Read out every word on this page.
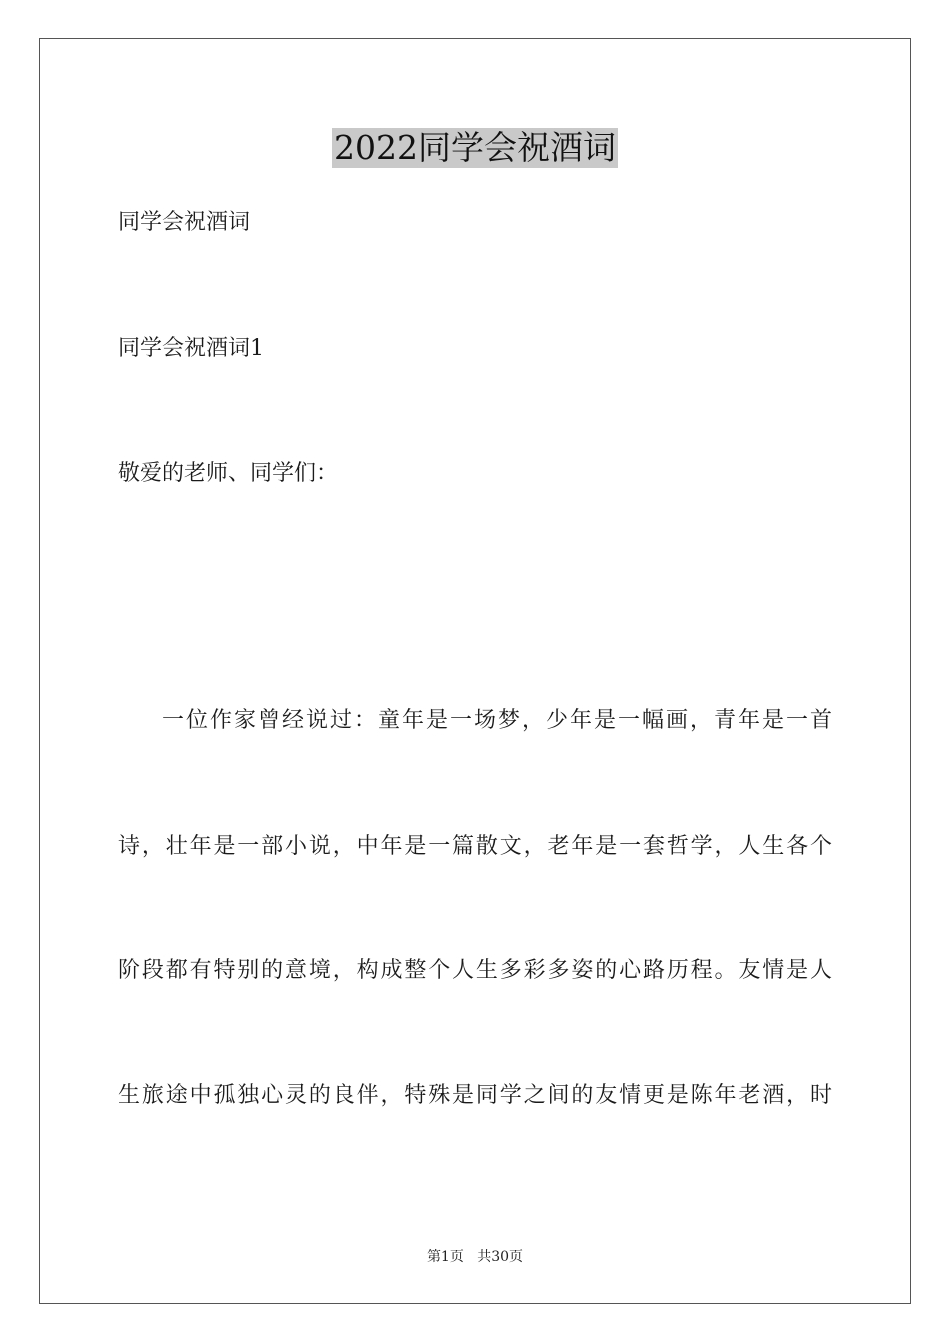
2022同学会祝酒词
同学会祝酒词
同学会祝酒词1
敬爱的老师、同学们：
一位作家曾经说过：童年是一场梦，少年是一幅画，青年是一首
诗，壮年是一部小说，中年是一篇散文，老年是一套哲学，人生各个
阶段都有特别的意境，构成整个人生多彩多姿的心路历程。友情是人
生旅途中孤独心灵的良伴，特殊是同学之间的友情更是陈年老酒，时
第1页 共30页
